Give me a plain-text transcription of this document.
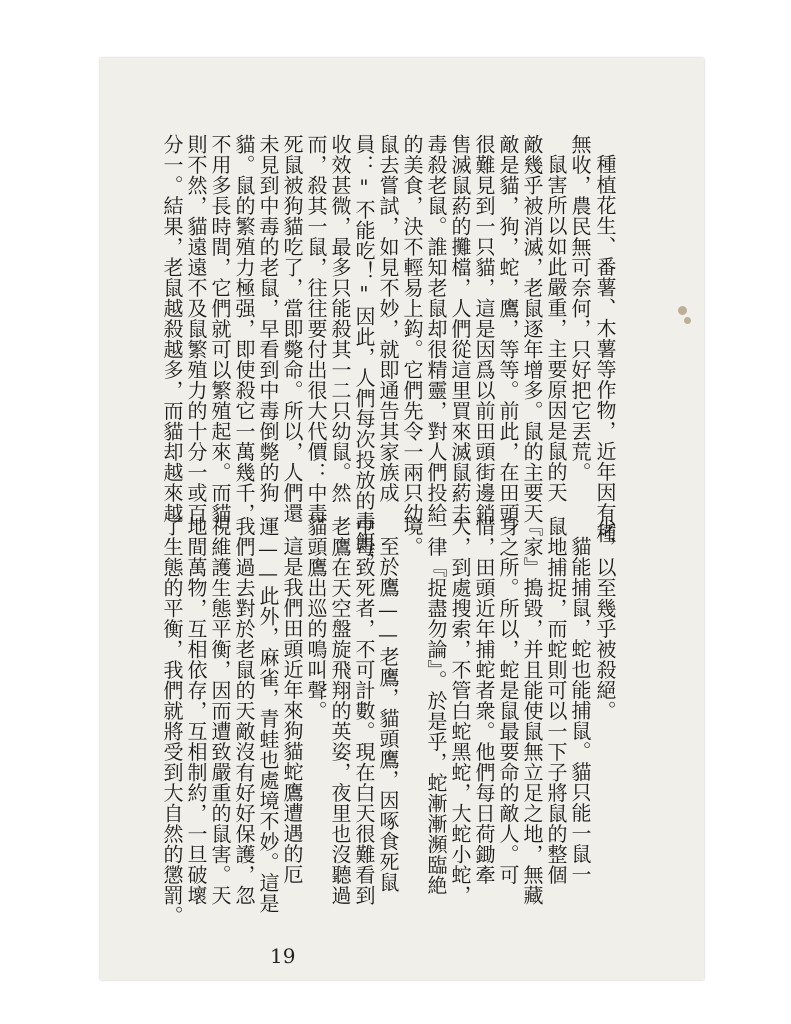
種植花生、番薯、木薯等作物，近年因有種
無收，農民無可奈何，只好把它丟荒。
鼠害所以如此嚴重，主要原因是鼠的天
敵幾乎被消滅，老鼠逐年增多。鼠的主要天
敵是貓，狗，蛇，鷹，等等。前此，在田頭
很難見到一只貓，這是因爲以前田頭街邊銷
售滅鼠葯的攤檔，人們從這里買來滅鼠葯去
毒殺老鼠。誰知老鼠却很精靈，對人們投給
的美食，決不輕易上鈎。它們先令一兩只幼
鼠去嘗試，如見不妙，就即通告其家族成
員："不能吃！"因此，人們每次投放的毒餌，
收效甚微，最多只能殺其一二只幼鼠。然
而，殺其一鼠，往往要付出很大代價：中毒
死鼠被狗貓吃了，當即斃命。所以，人們還
未見到中毒的老鼠，早看到中毒倒斃的狗
貓。鼠的繁殖力極强，即使殺它一萬幾千，
不用多長時間，它們就可以繁殖起來。而貓
則不然，貓遠遠不及鼠繁殖力的十分一或百
分一。結果，老鼠越殺越多，而貓却越來越
少，以至幾乎被殺絕。
貓能捕鼠，蛇也能捕鼠。貓只能一鼠一
鼠地捕捉，而蛇則可以一下子將鼠的整個
『家』搗毀，并且能使鼠無立足之地，無藏
身之所。所以，蛇是鼠最要命的敵人。可
惜，田頭近年捕蛇者衆。他們每日荷鋤牽
犬，到處搜索，不管白蛇黑蛇，大蛇小蛇，
一律『捉盡勿論』。於是乎，蛇漸漸瀕臨絶
境。
至於鷹——老鷹，貓頭鷹，因啄食死鼠
中毒致死者，不可計數。現在白天很難看到
老鷹在天空盤旋飛翔的英姿，夜里也沒聽過
貓頭鷹出巡的鳴叫聲。
這是我們田頭近年來狗貓蛇鷹遭遇的厄
運——此外，麻雀，青蛙也處境不妙。這是
我們過去對於老鼠的天敵沒有好好保護，忽
視維護生態平衡，因而遭致嚴重的鼠害。天
地間萬物，互相依存，互相制約，一旦破壞
了生態的平衡，我們就將受到大自然的懲罰。
19
